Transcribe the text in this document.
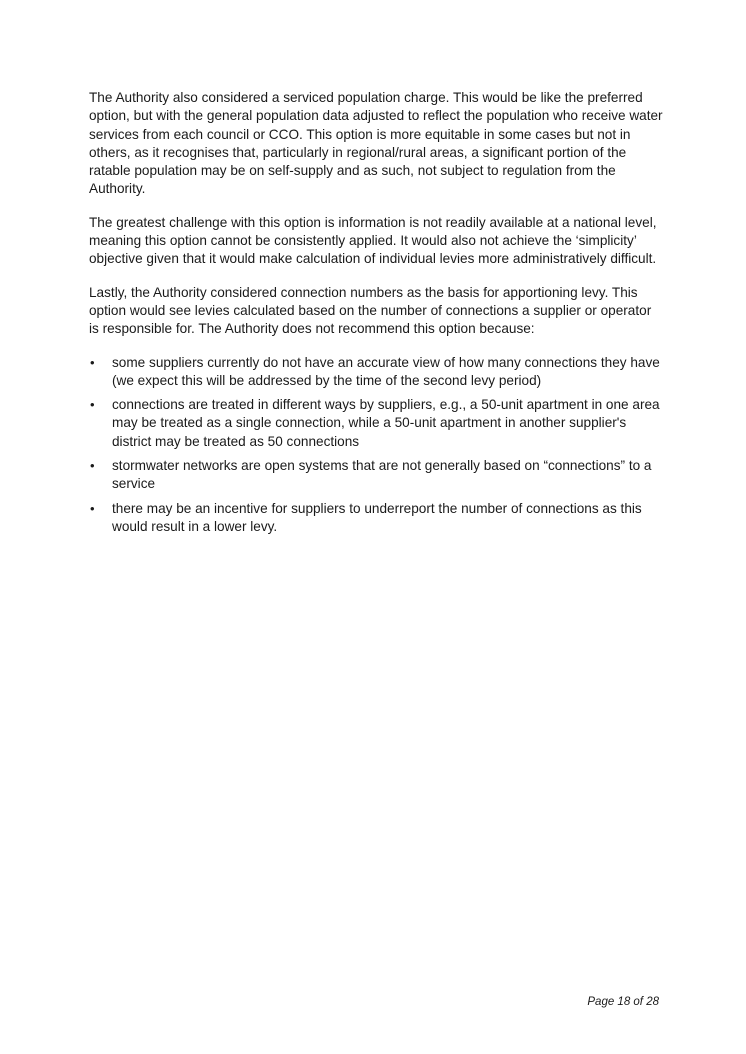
The Authority also considered a serviced population charge. This would be like the preferred option, but with the general population data adjusted to reflect the population who receive water services from each council or CCO. This option is more equitable in some cases but not in others, as it recognises that, particularly in regional/rural areas, a significant portion of the ratable population may be on self-supply and as such, not subject to regulation from the Authority.

The greatest challenge with this option is information is not readily available at a national level, meaning this option cannot be consistently applied. It would also not achieve the ‘simplicity’ objective given that it would make calculation of individual levies more administratively difficult.

Lastly, the Authority considered connection numbers as the basis for apportioning levy. This option would see levies calculated based on the number of connections a supplier or operator is responsible for. The Authority does not recommend this option because:

• some suppliers currently do not have an accurate view of how many connections they have (we expect this will be addressed by the time of the second levy period)
• connections are treated in different ways by suppliers, e.g., a 50-unit apartment in one area may be treated as a single connection, while a 50-unit apartment in another supplier's district may be treated as 50 connections
• stormwater networks are open systems that are not generally based on “connections” to a service
• there may be an incentive for suppliers to underreport the number of connections as this would result in a lower levy.
Page 18 of 28
